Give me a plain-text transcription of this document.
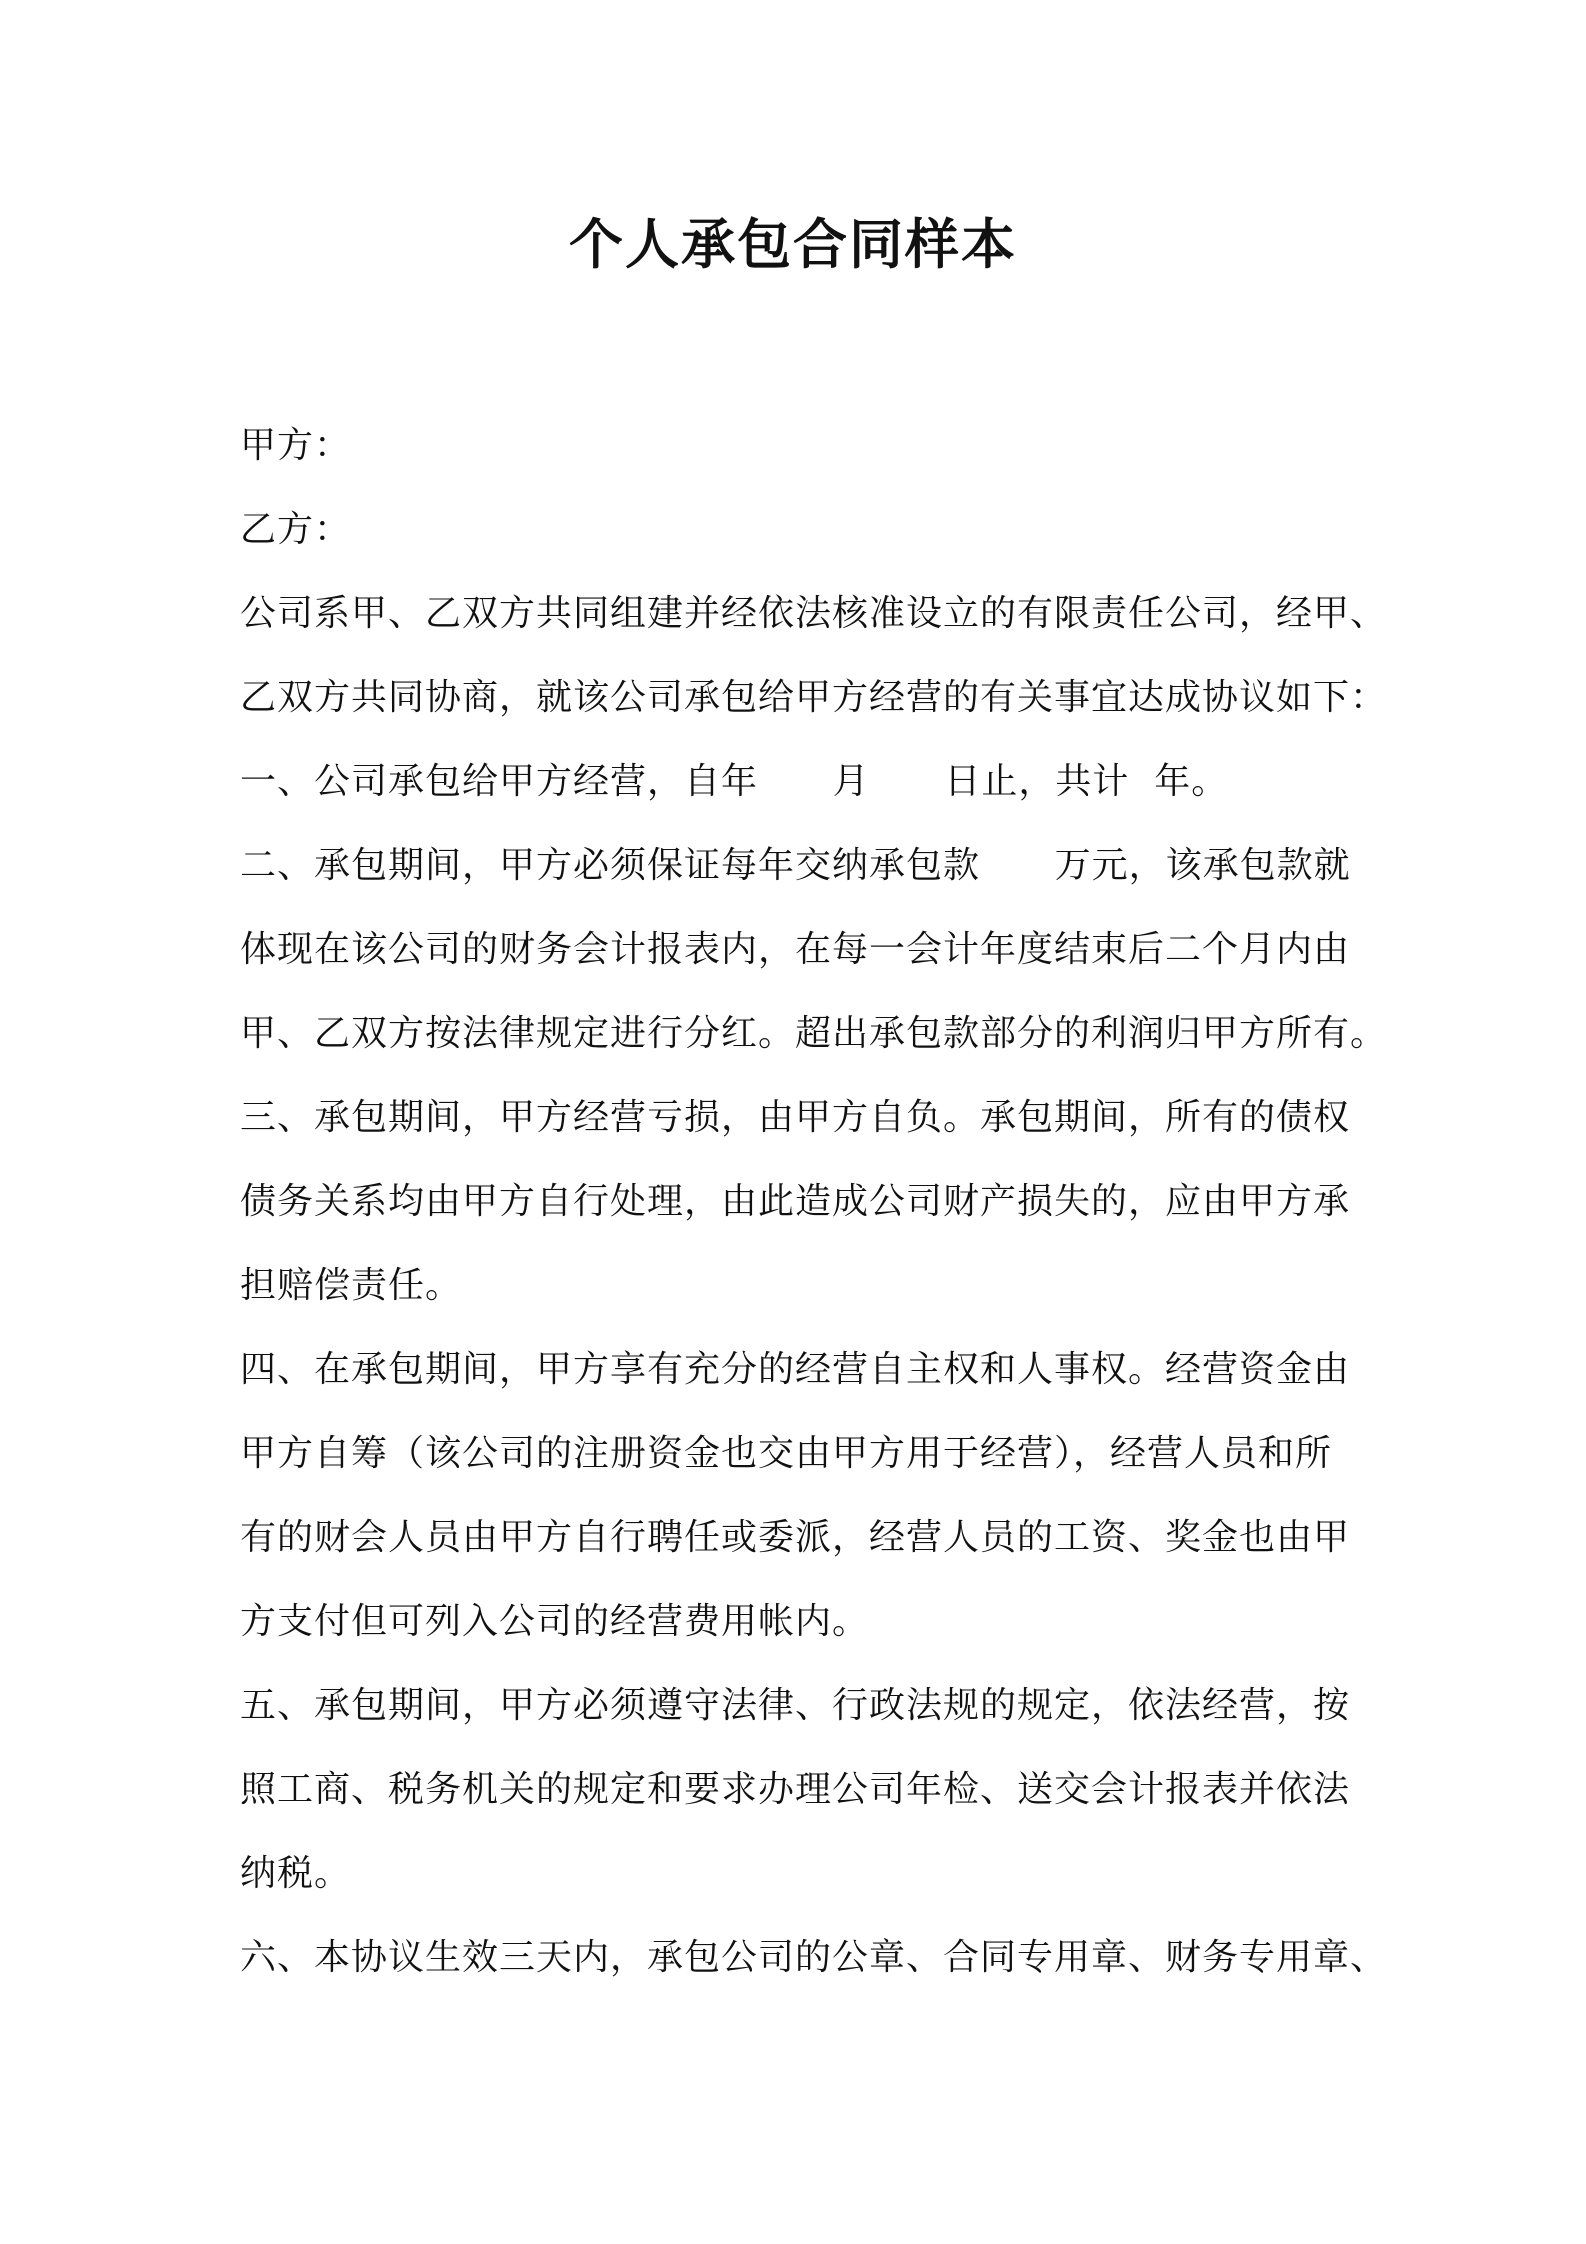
个人承包合同样本
甲方：
乙方：
公司系甲、乙双方共同组建并经依法核准设立的有限责任公司，经甲、
乙双方共同协商，就该公司承包给甲方经营的有关事宜达成协议如下：
一、公司承包给甲方经营，自年      月      日止，共计  年。
二、承包期间，甲方必须保证每年交纳承包款      万元，该承包款就
体现在该公司的财务会计报表内，在每一会计年度结束后二个月内由
甲、乙双方按法律规定进行分红。超出承包款部分的利润归甲方所有。
三、承包期间，甲方经营亏损，由甲方自负。承包期间，所有的债权
债务关系均由甲方自行处理，由此造成公司财产损失的，应由甲方承
担赔偿责任。
四、在承包期间，甲方享有充分的经营自主权和人事权。经营资金由
甲方自筹（该公司的注册资金也交由甲方用于经营），经营人员和所
有的财会人员由甲方自行聘任或委派，经营人员的工资、奖金也由甲
方支付但可列入公司的经营费用帐内。
五、承包期间，甲方必须遵守法律、行政法规的规定，依法经营，按
照工商、税务机关的规定和要求办理公司年检、送交会计报表并依法
纳税。
六、本协议生效三天内，承包公司的公章、合同专用章、财务专用章、
